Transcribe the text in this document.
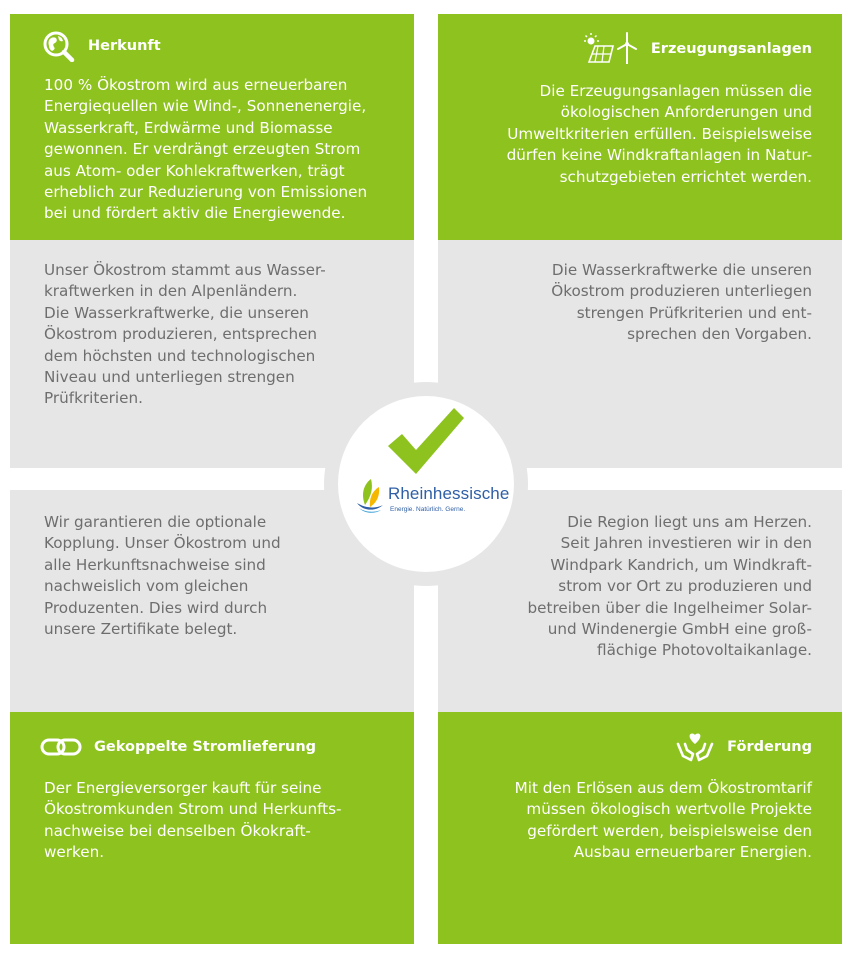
Herkunft
100 % Ökostrom wird aus erneuerbaren
Energiequellen wie Wind-, Sonnenenergie,
Wasserkraft, Erdwärme und Biomasse
gewonnen. Er verdrängt erzeugten Strom
aus Atom- oder Kohlekraftwerken, trägt
erheblich zur Reduzierung von Emissionen
bei und fördert aktiv die Energiewende.
Erzeugungsanlagen
Die Erzeugungsanlagen müssen die
ökologischen Anforderungen und
Umweltkriterien erfüllen. Beispielsweise
dürfen keine Windkraftanlagen in Natur-
schutzgebieten errichtet werden.
Unser Ökostrom stammt aus Wasser-
kraftwerken in den Alpenländern.
Die Wasserkraftwerke, die unseren
Ökostrom produzieren, entsprechen
dem höchsten und technologischen
Niveau und unterliegen strengen
Prüfkriterien.
Die Wasserkraftwerke die unseren
Ökostrom produzieren unterliegen
strengen Prüfkriterien und ent-
sprechen den Vorgaben.
Wir garantieren die optionale
Kopplung. Unser Ökostrom und
alle Herkunftsnachweise sind
nachweislich vom gleichen
Produzenten. Dies wird durch
unsere Zertifikate belegt.
Die Region liegt uns am Herzen.
Seit Jahren investieren wir in den
Windpark Kandrich, um Windkraft-
strom vor Ort zu produzieren und
betreiben über die Ingelheimer Solar-
und Windenergie GmbH eine groß-
flächige Photovoltaikanlage.
Gekoppelte Stromlieferung
Der Energieversorger kauft für seine
Ökostromkunden Strom und Herkunfts-
nachweise bei denselben Ökokraft-
werken.
Förderung
Mit den Erlösen aus dem Ökostromtarif
müssen ökologisch wertvolle Projekte
gefördert werden, beispielsweise den
Ausbau erneuerbarer Energien.
Rheinhessische
Energie. Natürlich. Gerne.
